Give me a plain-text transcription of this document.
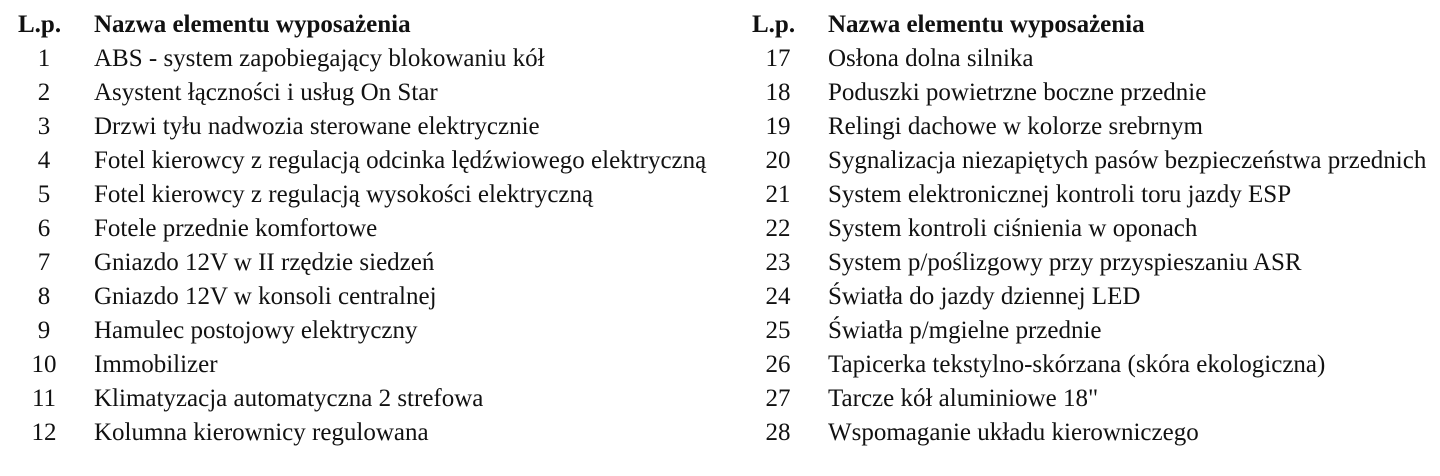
L.p.	Nazwa elementu wyposażenia
1	ABS - system zapobiegający blokowaniu kół
2	Asystent łączności i usług On Star
3	Drzwi tyłu nadwozia sterowane elektrycznie
4	Fotel kierowcy z regulacją odcinka lędźwiowego elektryczną
5	Fotel kierowcy z regulacją wysokości elektryczną
6	Fotele przednie komfortowe
7	Gniazdo 12V w II rzędzie siedzeń
8	Gniazdo 12V w konsoli centralnej
9	Hamulec postojowy elektryczny
10	Immobilizer
11	Klimatyzacja automatyczna 2 strefowa
12	Kolumna kierownicy regulowana
L.p.	Nazwa elementu wyposażenia
17	Osłona dolna silnika
18	Poduszki powietrzne boczne przednie
19	Relingi dachowe w kolorze srebrnym
20	Sygnalizacja niezapiętych pasów bezpieczeństwa przednich
21	System elektronicznej kontroli toru jazdy ESP
22	System kontroli ciśnienia w oponach
23	System p/poślizgowy przy przyspieszaniu ASR
24	Światła do jazdy dziennej LED
25	Światła p/mgielne przednie
26	Tapicerka tekstylno-skórzana (skóra ekologiczna)
27	Tarcze kół aluminiowe 18"
28	Wspomaganie układu kierowniczego
